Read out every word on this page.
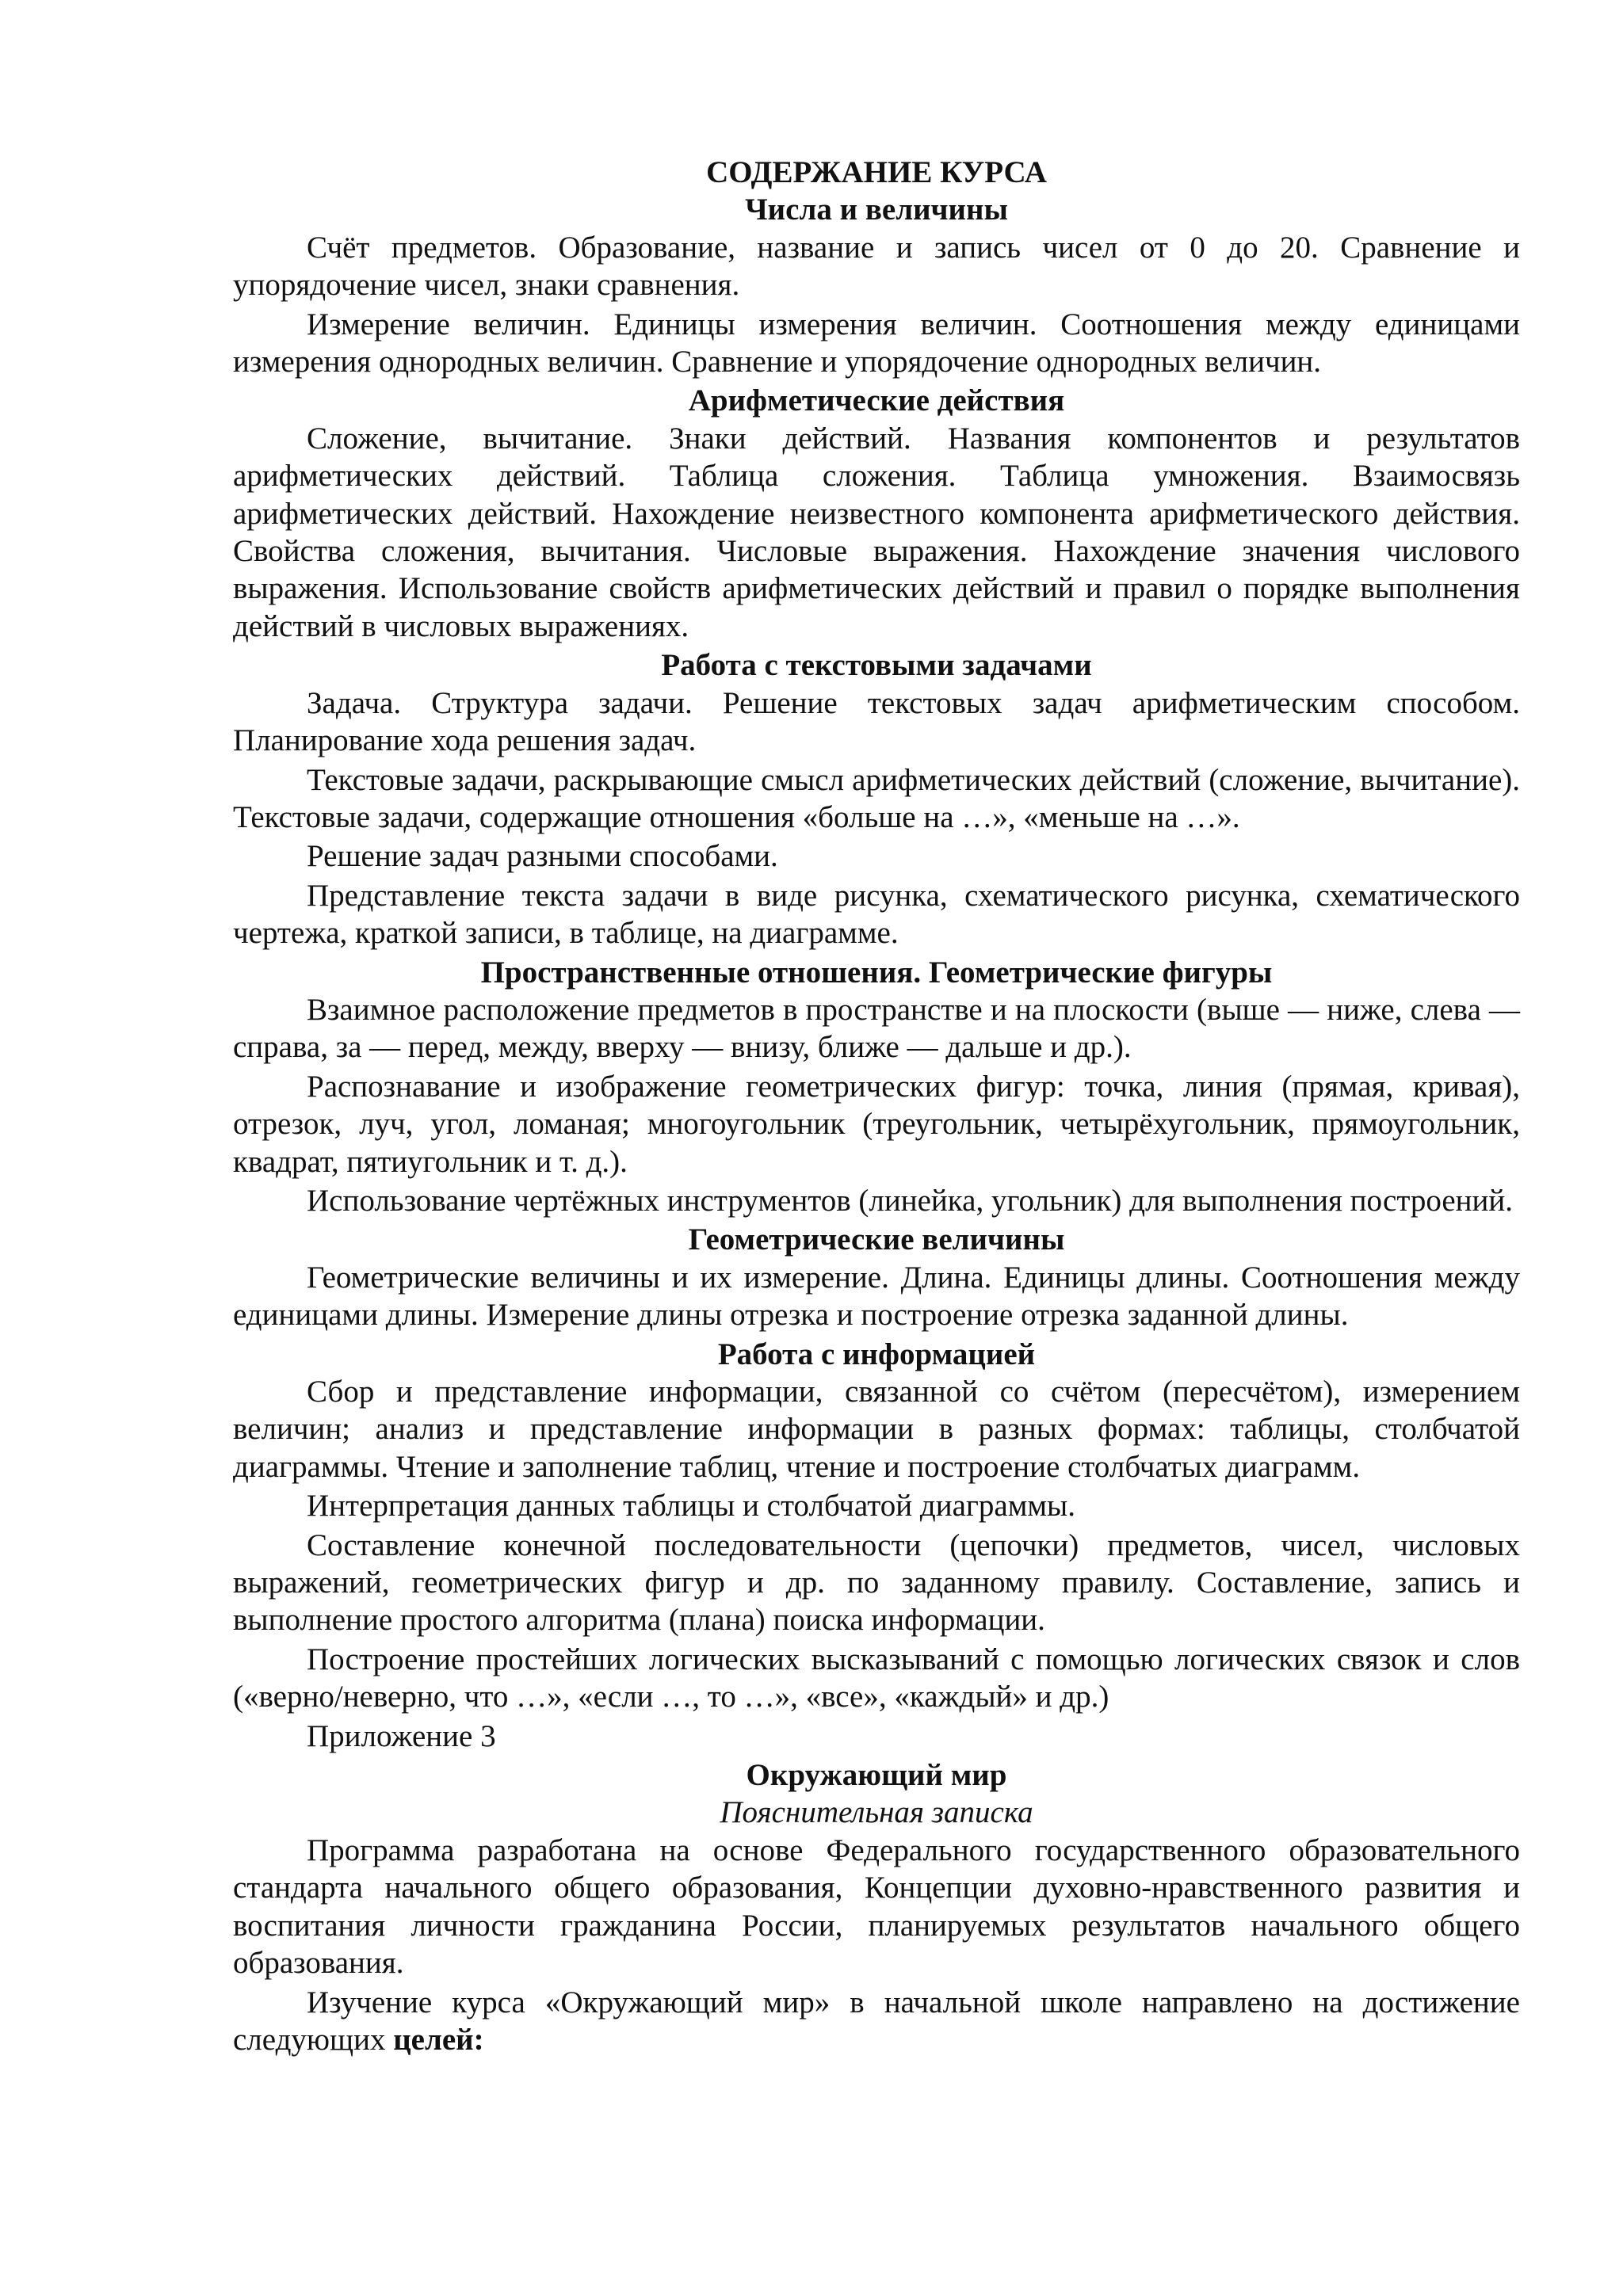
СОДЕРЖАНИЕ КУРСА

Числа и величины

Счёт предметов. Образование, название и запись чисел от 0 до 20. Сравнение и упорядочение чисел, знаки сравнения.

Измерение величин. Единицы измерения величин. Соотношения между единицами измерения однородных величин. Сравнение и упорядочение однородных величин.

Арифметические действия

Сложение, вычитание. Знаки действий. Названия компонентов и результатов арифметических действий. Таблица сложения. Таблица умножения. Взаимосвязь арифметических действий. Нахождение неизвестного компонента арифметического действия. Свойства сложения, вычитания. Числовые выражения. Нахождение значения числового выражения. Использование свойств арифметических действий и правил о порядке выполнения действий в числовых выражениях.

Работа с текстовыми задачами

Задача. Структура задачи. Решение текстовых задач арифметическим способом. Планирование хода решения задач.

Текстовые задачи, раскрывающие смысл арифметических действий (сложение, вычитание). Текстовые задачи, содержащие отношения «больше на …», «меньше на …».

Решение задач разными способами.

Представление текста задачи в виде рисунка, схематического рисунка, схематического чертежа, краткой записи, в таблице, на диаграмме.

Пространственные отношения. Геометрические фигуры

Взаимное расположение предметов в пространстве и на плоскости (выше — ниже, слева — справа, за — перед, между, вверху — внизу, ближе — дальше и др.).

Распознавание и изображение геометрических фигур: точка, линия (прямая, кривая), отрезок, луч, угол, ломаная; многоугольник (треугольник, четырёхугольник, прямоугольник, квадрат, пятиугольник и т. д.).

Использование чертёжных инструментов (линейка, угольник) для выполнения построений.

Геометрические величины

Геометрические величины и их измерение. Длина. Единицы длины. Соотношения между единицами длины. Измерение длины отрезка и построение отрезка заданной длины.

Работа с информацией

Сбор и представление информации, связанной со счётом (пересчётом), измерением величин; анализ и представление информации в разных формах: таблицы, столбчатой диаграммы. Чтение и заполнение таблиц, чтение и построение столбчатых диаграмм.

Интерпретация данных таблицы и столбчатой диаграммы.

Составление конечной последовательности (цепочки) предметов, чисел, числовых выражений, геометрических фигур и др. по заданному правилу. Составление, запись и выполнение простого алгоритма (плана) поиска информации.

Построение простейших логических высказываний с помощью логических связок и слов («верно/неверно, что …», «если …, то …», «все», «каждый» и др.)

Приложение 3

Окружающий мир

Пояснительная записка

Программа разработана на основе Федерального государственного образовательного стандарта начального общего образования, Концепции духовно-нравственного развития и воспитания личности гражданина России, планируемых результатов начального общего образования.

Изучение курса «Окружающий мир» в начальной школе направлено на достижение следующих целей:
